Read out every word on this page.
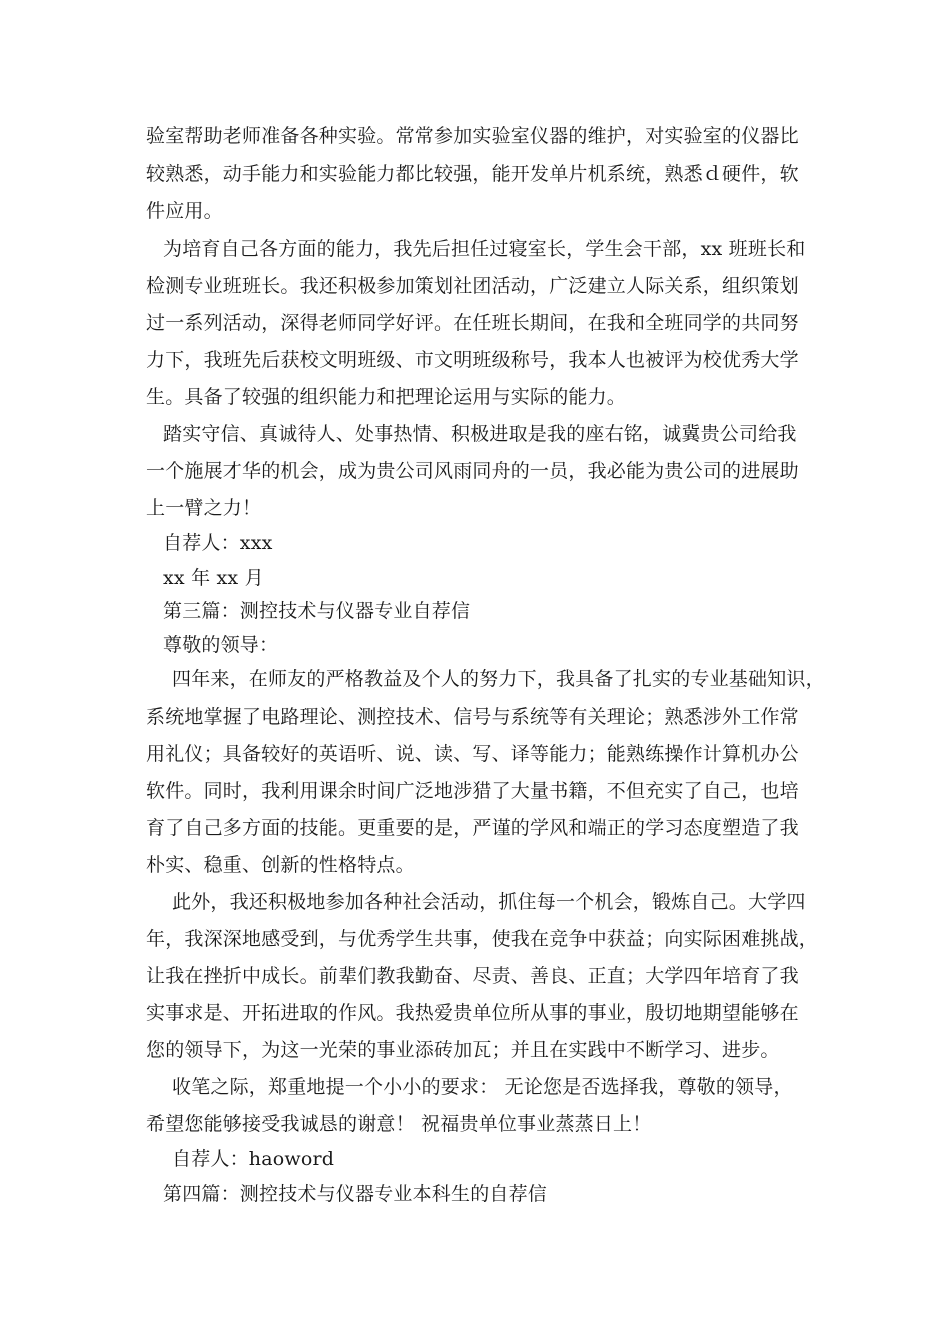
验室帮助老师准备各种实验。常常参加实验室仪器的维护，对实验室的仪器比
较熟悉，动手能力和实验能力都比较强，能开发单片机系统，熟悉ｄ硬件，软
件应用。
为培育自己各方面的能力，我先后担任过寝室长，学生会干部，xx 班班长和
检测专业班班长。我还积极参加策划社团活动，广泛建立人际关系，组织策划
过一系列活动，深得老师同学好评。在任班长期间，在我和全班同学的共同努
力下，我班先后获校文明班级、市文明班级称号，我本人也被评为校优秀大学
生。具备了较强的组织能力和把理论运用与实际的能力。
踏实守信、真诚待人、处事热情、积极进取是我的座右铭，诚冀贵公司给我
一个施展才华的机会，成为贵公司风雨同舟的一员，我必能为贵公司的进展助
上一臂之力！
自荐人：xxx
xx 年 xx 月
第三篇：测控技术与仪器专业自荐信
尊敬的领导：
四年来，在师友的严格教益及个人的努力下，我具备了扎实的专业基础知识，
系统地掌握了电路理论、测控技术、信号与系统等有关理论；熟悉涉外工作常
用礼仪；具备较好的英语听、说、读、写、译等能力；能熟练操作计算机办公
软件。同时，我利用课余时间广泛地涉猎了大量书籍，不但充实了自己，也培
育了自己多方面的技能。更重要的是，严谨的学风和端正的学习态度塑造了我
朴实、稳重、创新的性格特点。
此外，我还积极地参加各种社会活动，抓住每一个机会，锻炼自己。大学四
年，我深深地感受到，与优秀学生共事，使我在竞争中获益；向实际困难挑战，
让我在挫折中成长。前辈们教我勤奋、尽责、善良、正直；大学四年培育了我
实事求是、开拓进取的作风。我热爱贵单位所从事的事业，殷切地期望能够在
您的领导下，为这一光荣的事业添砖加瓦；并且在实践中不断学习、进步。
收笔之际，郑重地提一个小小的要求： 无论您是否选择我，尊敬的领导，
希望您能够接受我诚恳的谢意！ 祝福贵单位事业蒸蒸日上！
自荐人：haoword
第四篇：测控技术与仪器专业本科生的自荐信
